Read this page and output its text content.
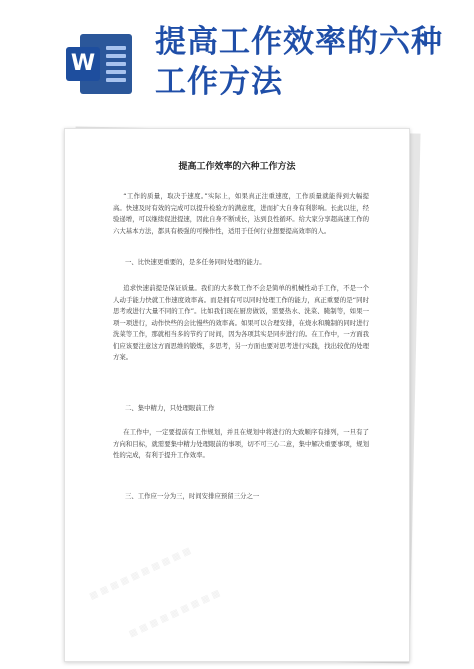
W
提高工作效率的六种工作方法
提高工作效率的六种工作方法
“工作的质量，取决于速度。”实际上，如果真正注重速度，工作质量就能得到大幅提高。快速及时有效的完成可以提升检验方的满意度，进而扩大自身有利影响。长此以往，经验递增，可以继续促进提速，因此自身不断成长，达到良性循环。给大家分享超高速工作的六大基本方法，都具有极强的可操作性，适用于任何行业想要提高效率的人。
一、比快速更重要的，是多任务同时处理的能力。
追求快速前提是保证质量。我们的大多数工作不会是简单的机械性动手工作，不是一个人动手能力快就工作速度效率高。而是拥有可以同时处理工作的能力，真正重要的是“同时思考或进行大量不同的工作”。比如我们现在厨房做饭，需要热水、洗菜、腌制等，如果一项一项进行，动作快些的会比慢些的效率高。如果可以合理安排，在烧水和腌制的同时进行洗菜等工作，那就相当多的节约了时间，因为各项其实是同步进行的。在工作中，一方面我们应该要注意这方面思维的锻炼，多思考，另一方面也要对思考进行实践，找出较优的处理方案。
二、集中精力，只处理眼前工作
在工作中，一定要提前有工作规划，并且在规划中将进行的大致顺序有排列，一旦有了方向和目标，就需要集中精力处理眼前的事项，切不可三心二意，集中解决重要事项，规划性的完成，有利于提升工作效率。
三、工作应一分为三，时间安排应预留三分之一
▦ ▦ ▦ ▦ ▦ ▦ ▦ ▦ ▦ ▦
▦ ▦ ▦ ▦ ▦ ▦ ▦ ▦ ▦
